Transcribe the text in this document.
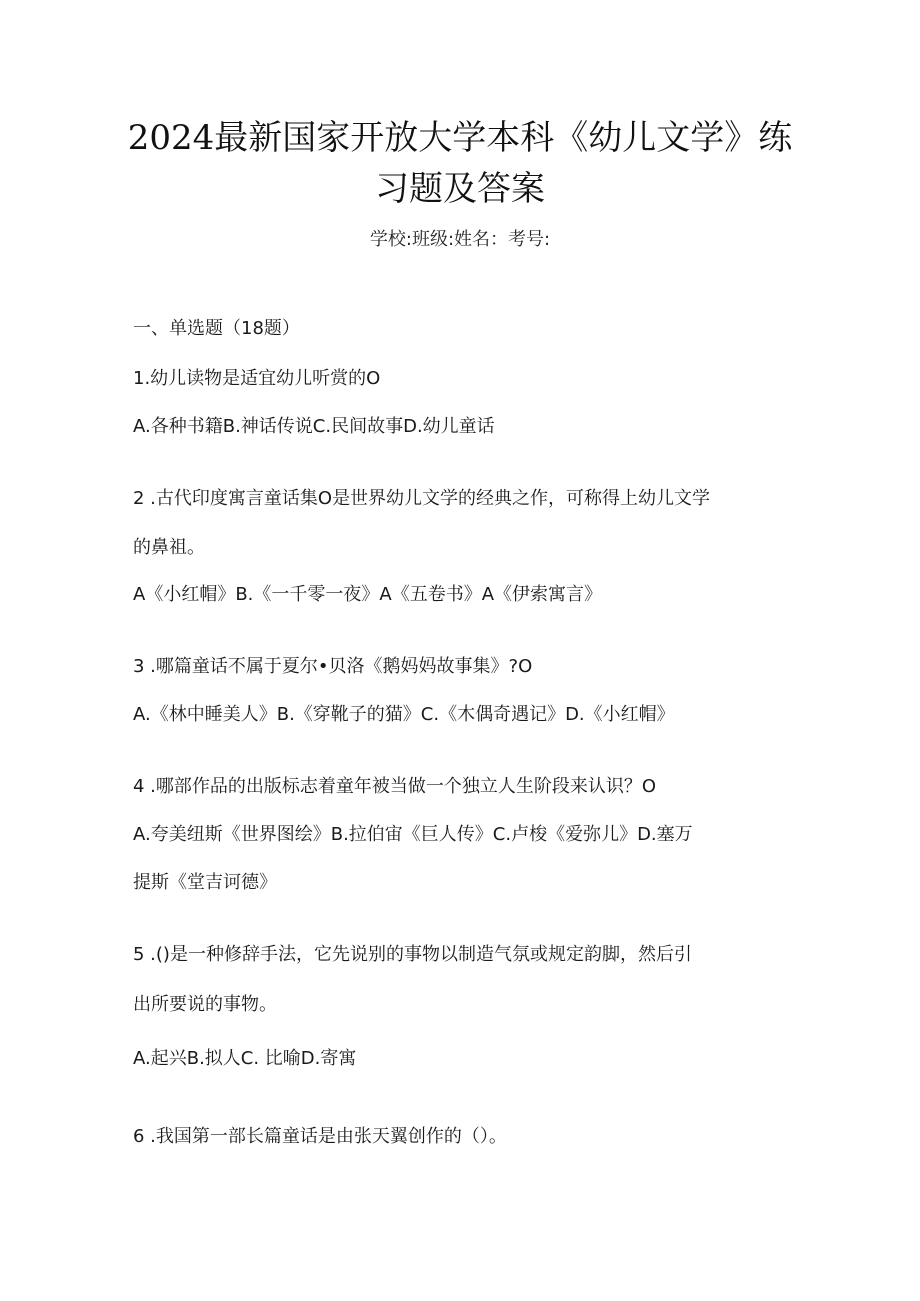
2024最新国家开放大学本科《幼儿文学》练
习题及答案
学校:班级:姓名：考号:
一、单选题（18题）
1.幼儿读物是适宜幼儿听赏的O
A.各种书籍B.神话传说C.民间故事D.幼儿童话
2 .古代印度寓言童话集O是世界幼儿文学的经典之作，可称得上幼儿文学
的鼻祖。
A《小红帽》B.《一千零一夜》A《五卷书》A《伊索寓言》
3 .哪篇童话不属于夏尔•贝洛《鹅妈妈故事集》?O
A.《林中睡美人》B.《穿靴子的猫》C.《木偶奇遇记》D.《小红帽》
4 .哪部作品的出版标志着童年被当做一个独立人生阶段来认识？O
A.夸美纽斯《世界图绘》B.拉伯宙《巨人传》C.卢梭《爱弥儿》D.塞万
提斯《堂吉诃德》
5 .()是一种修辞手法，它先说别的事物以制造气氛或规定韵脚，然后引
出所要说的事物。
A.起兴B.拟人C. 比喻D.寄寓
6 .我国第一部长篇童话是由张天翼创作的（）。
